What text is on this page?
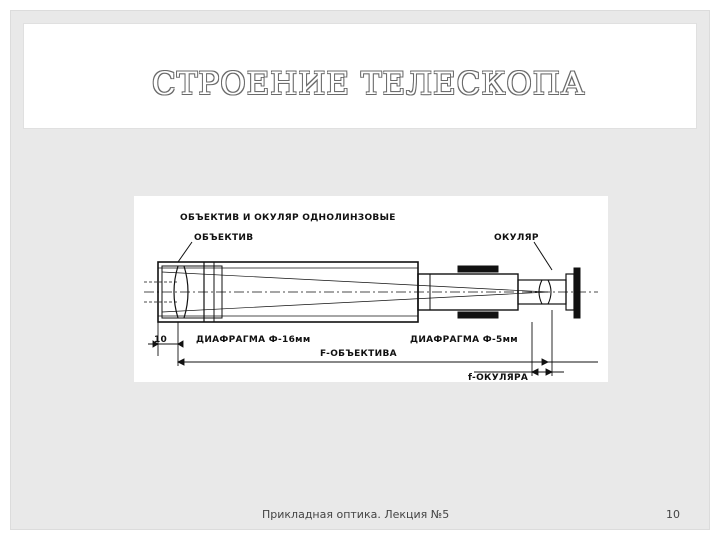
СТРОЕНИЕ ТЕЛЕСКОПА
ОБЪЕКТИВ И ОКУЛЯР ОДНОЛИНЗОВЫЕ
ОБЪЕКТИВ	ОКУЛЯР
10	ДИАФРАГМА Ф-16мм	ДИАФРАГМА Ф-5мм
F-ОБЪЕКТИВА
f-ОКУЛЯРА
Прикладная оптика. Лекция №5	10
